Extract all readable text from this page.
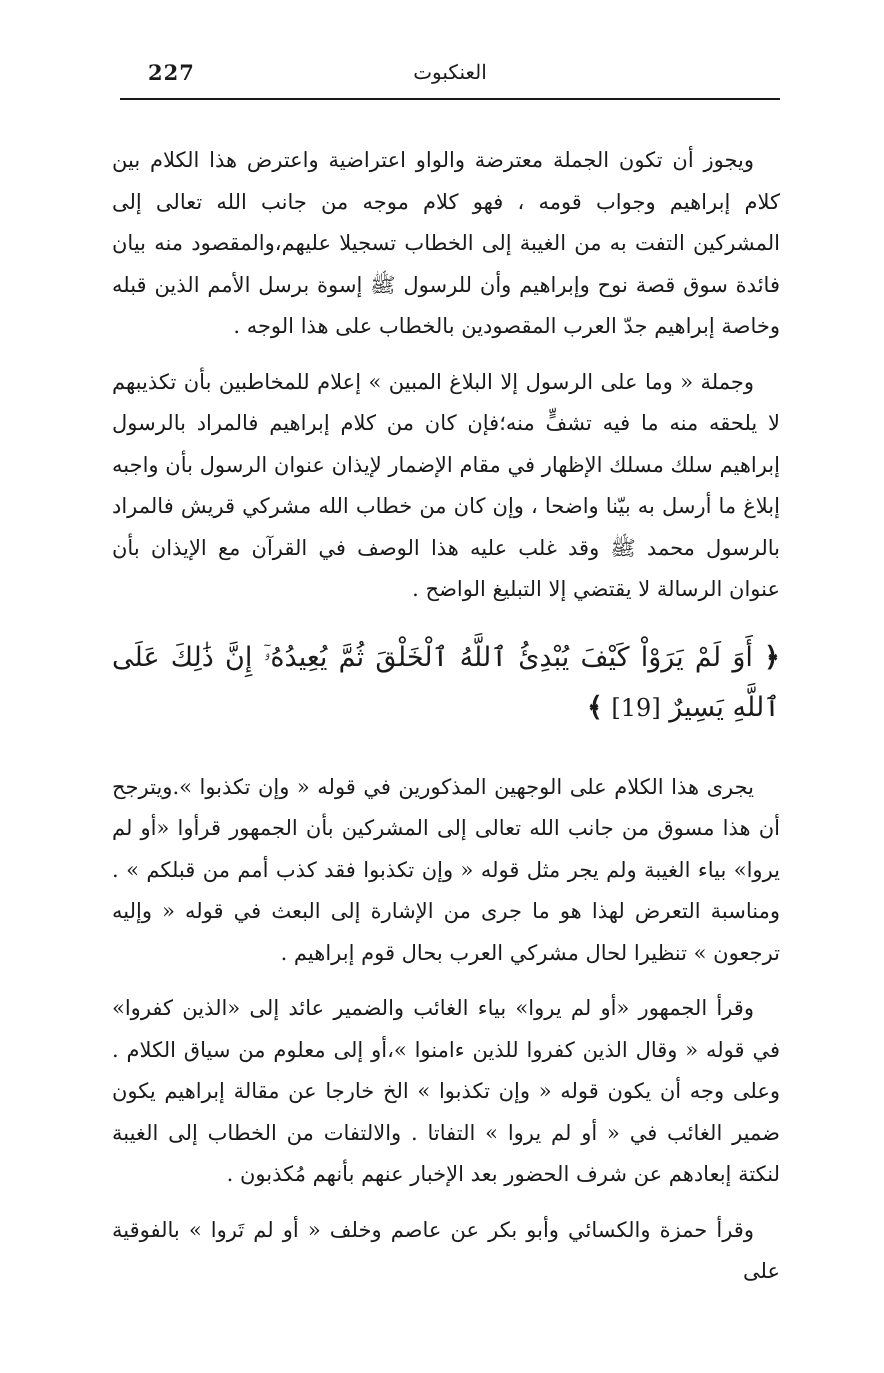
227	العنكبوت

ويجوز أن تكون الجملة معترضة والواو اعتراضية واعترض هذا الكلام بين كلام إبراهيم وجواب قومه ، فهو كلام موجه من جانب الله تعالى إلى المشركين التفت به من الغيبة إلى الخطاب تسجيلا عليهم،والمقصود منه بيان فائدة سوق قصة نوح وإبراهيم وأن للرسول ﷺ إسوة برسل الأمم الذين قبله وخاصة إبراهيم جدّ العرب المقصودين بالخطاب على هذا الوجه .

وجملة « وما على الرسول إلا البلاغ المبين » إعلام للمخاطبين بأن تكذيبهم لا يلحقه منه ما فيه تشفٍّ منه؛فإن كان من كلام إبراهيم فالمراد بالرسول إبراهيم سلك مسلك الإظهار في مقام الإضمار لإيذان عنوان الرسول بأن واجبه إبلاغ ما أرسل به بيّنا واضحا ، وإن كان من خطاب الله مشركي قريش فالمراد بالرسول محمد ﷺ وقد غلب عليه هذا الوصف في القرآن مع الإيذان بأن عنوان الرسالة لا يقتضي إلا التبليغ الواضح .

﴿ أَوَ لَمْ يَرَوْاْ كَيْفَ يُبْدِئُ ٱللَّهُ ٱلْخَلْقَ ثُمَّ يُعِيدُهُۥٓ إِنَّ ذَٰلِكَ عَلَى ٱللَّهِ يَسِيرٌ [19] ﴾

يجرى هذا الكلام على الوجهين المذكورين في قوله « وإن تكذبوا ».ويترجح أن هذا مسوق من جانب الله تعالى إلى المشركين بأن الجمهور قرأوا «أو لم يروا» بياء الغيبة ولم يجر مثل قوله « وإن تكذبوا فقد كذب أمم من قبلكم » . ومناسبة التعرض لهذا هو ما جرى من الإشارة إلى البعث في قوله « وإليه ترجعون » تنظيرا لحال مشركي العرب بحال قوم إبراهيم .

وقرأ الجمهور «أو لم يروا» بياء الغائب والضمير عائد إلى «الذين كفروا» في قوله « وقال الذين كفروا للذين ءامنوا »،أو إلى معلوم من سياق الكلام . وعلى وجه أن يكون قوله « وإن تكذبوا » الخ خارجا عن مقالة إبراهيم يكون ضمير الغائب في « أو لم يروا » التفاتا . والالتفات من الخطاب إلى الغيبة لنكتة إبعادهم عن شرف الحضور بعد الإخبار عنهم بأنهم مُكذبون .

وقرأ حمزة والكسائي وأبو بكر عن عاصم وخلف « أو لم تَروا » بالفوقية على
